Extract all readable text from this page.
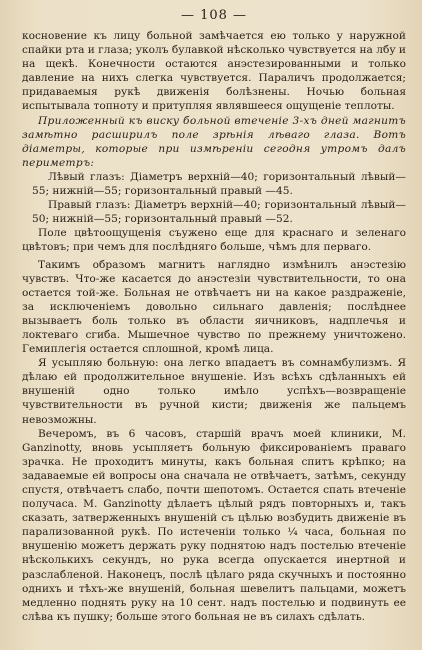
— 108 —

косновение къ лицу больной замѣчается ею только у наружной спайки рта и глаза; уколъ булавкой нѣсколько чувствуется на лбу и на щекѣ. Конечности остаются анэстезированными и только давление на нихъ слегка чувствуется. Параличъ продолжается; придаваемыя рукѣ движенія болѣзнены. Ночью больная испытывала топноту и притупляя являвшееся ощущеніе теплоты.

Приложенный къ виску больной втеченіе 3-хъ дней магнитъ замѣтно расширилъ поле зрѣнія лѣваго глаза. Вотъ діаметры, которые при измѣреніи сегодня утромъ далъ периметръ:

Лѣвый глазъ: Діаметръ верхній—40; горизонтальный лѣвый—55; нижній—55; горизонтальный правый —45.

Правый глазъ: Діаметръ верхній—40; горизонтальный лѣвый—50; нижній—55; горизонтальный правый —52.

Поле цвѣтоощущенія съужено еще для краснаго и зеленаго цвѣтовъ; при чемъ для послѣдняго больше, чѣмъ для перваго.

Такимъ образомъ магнитъ наглядно измѣнилъ анэстезію чувствъ. Что-же касается до анэстезіи чувствительности, то она остается той-же. Больная не отвѣчаетъ ни на какое раздраженіе, за исключеніемъ довольно сильнаго давленія; послѣднее вызываетъ боль только въ области яичниковъ, надплечья и локтеваго сгиба. Мышечное чувство по прежнему уничтожено. Гемиплегія остается сплошной, кромѣ лица.

Я усыпляю больную: она легко впадаетъ въ сомнамбулизмъ. Я дѣлаю ей продолжительное внушеніе. Изъ всѣхъ сдѣланныхъ ей внушеній одно только имѣло успѣхъ—возвращеніе чувствительности въ ручной кисти; движенія же пальцемъ невозможны.

Вечеромъ, въ 6 часовъ, старшій врачъ моей клиники, M. Ganzinotty, вновь усыпляетъ больную фиксированіемъ праваго зрачка. Не проходитъ минуты, какъ больная спитъ крѣпко; на задаваемые ей вопросы она сначала не отвѣчаетъ, затѣмъ, секунду спустя, отвѣчаетъ слабо, почти шепотомъ. Остается спать втеченіе получаса. M. Ganzinotty дѣлаетъ цѣлый рядъ повторныхъ и, такъ сказать, затверженныхъ внушеній съ цѣлью возбудить движеніе въ парализованной рукѣ. По истеченіи только ¼ часа, больная по внушенію можетъ держать руку поднятою надъ постелью втеченіе нѣсколькихъ секундъ, но рука всегда опускается инертной и разслабленой. Наконецъ, послѣ цѣлаго ряда скучныхъ и постоянно однихъ и тѣхъ-же внушеній, больная шевелитъ пальцами, можетъ медленно поднять руку на 10 сент. надъ постелью и подвинуть ее слѣва къ пушку; больше этого больная не въ силахъ сдѣлать.
